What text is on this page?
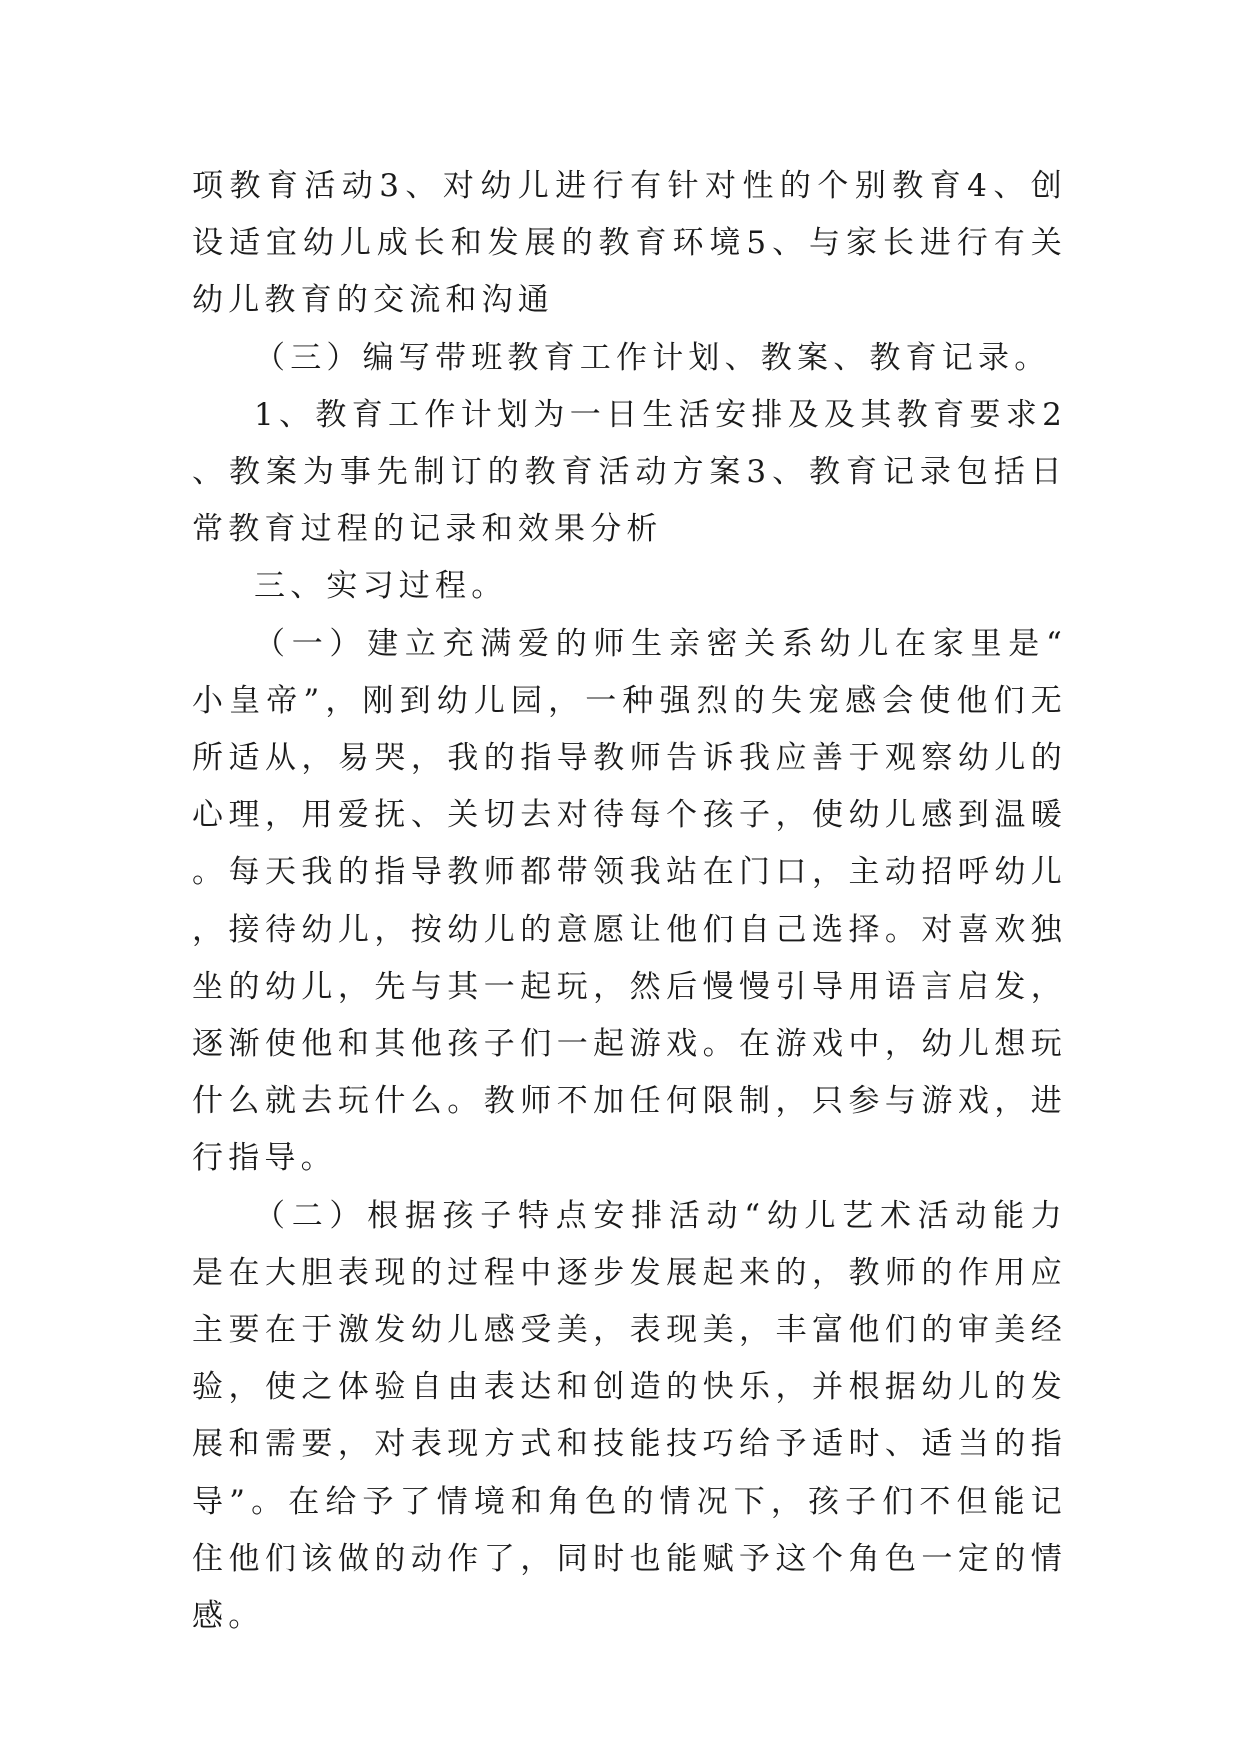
项教育活动3、对幼儿进行有针对性的个别教育4、创设适宜幼儿成长和发展的教育环境5、与家长进行有关幼儿教育的交流和沟通

（三）编写带班教育工作计划、教案、教育记录。

1、教育工作计划为一日生活安排及及其教育要求2、教案为事先制订的教育活动方案3、教育记录包括日常教育过程的记录和效果分析

三、实习过程。

（一）建立充满爱的师生亲密关系幼儿在家里是“小皇帝”，刚到幼儿园，一种强烈的失宠感会使他们无所适从，易哭，我的指导教师告诉我应善于观察幼儿的心理，用爱抚、关切去对待每个孩子，使幼儿感到温暖。每天我的指导教师都带领我站在门口，主动招呼幼儿，接待幼儿，按幼儿的意愿让他们自己选择。对喜欢独坐的幼儿，先与其一起玩，然后慢慢引导用语言启发，逐渐使他和其他孩子们一起游戏。在游戏中，幼儿想玩什么就去玩什么。教师不加任何限制，只参与游戏，进行指导。

（二）根据孩子特点安排活动“幼儿艺术活动能力是在大胆表现的过程中逐步发展起来的，教师的作用应主要在于激发幼儿感受美，表现美，丰富他们的审美经验，使之体验自由表达和创造的快乐，并根据幼儿的发展和需要，对表现方式和技能技巧给予适时、适当的指导”。在给予了情境和角色的情况下，孩子们不但能记住他们该做的动作了，同时也能赋予这个角色一定的情感。
